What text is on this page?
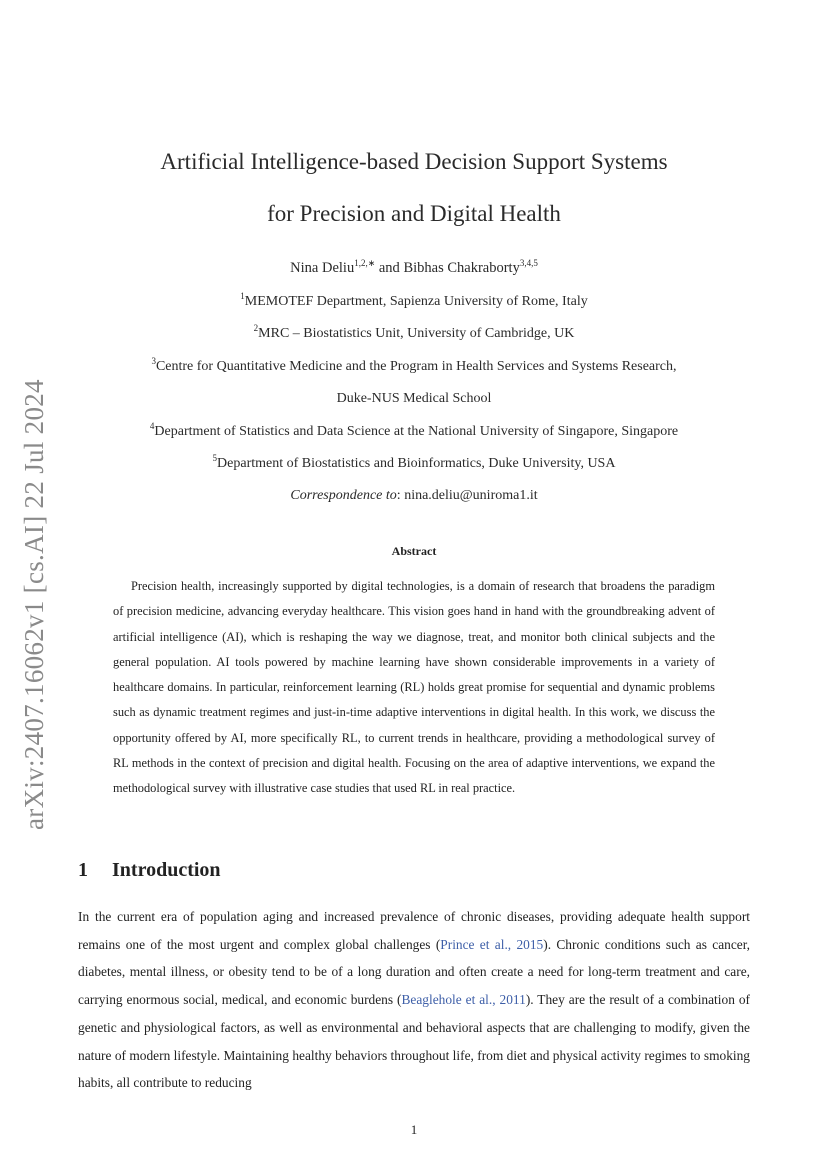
arXiv:2407.16062v1 [cs.AI] 22 Jul 2024
Artificial Intelligence-based Decision Support Systems
for Precision and Digital Health
Nina Deliu$^{1,2,∗}$ and Bibhas Chakraborty$^{3,4,5}$
$^1$MEMOTEF Department, Sapienza University of Rome, Italy
$^2$MRC – Biostatistics Unit, University of Cambridge, UK
$^3$Centre for Quantitative Medicine and the Program in Health Services and Systems Research,
Duke-NUS Medical School
$^4$Department of Statistics and Data Science at the National University of Singapore, Singapore
$^5$Department of Biostatistics and Bioinformatics, Duke University, USA
Correspondence to: nina.deliu@uniroma1.it
Abstract

Precision health, increasingly supported by digital technologies, is a domain of research that broadens the paradigm of precision medicine, advancing everyday healthcare. This vision goes hand in hand with the groundbreaking advent of artificial intelligence (AI), which is reshaping the way we diagnose, treat, and monitor both clinical subjects and the general population. AI tools powered by machine learning have shown considerable improvements in a variety of healthcare domains. In particular, reinforcement learning (RL) holds great promise for sequential and dynamic problems such as dynamic treatment regimes and just-in-time adaptive interventions in digital health. In this work, we discuss the opportunity offered by AI, more specifically RL, to current trends in healthcare, providing a methodological survey of RL methods in the context of precision and digital health. Focusing on the area of adaptive interventions, we expand the methodological survey with illustrative case studies that used RL in real practice.

1 Introduction

In the current era of population aging and increased prevalence of chronic diseases, providing adequate health support remains one of the most urgent and complex global challenges (Prince et al., 2015). Chronic conditions such as cancer, diabetes, mental illness, or obesity tend to be of a long duration and often create a need for long-term treatment and care, carrying enormous social, medical, and economic burdens (Beaglehole et al., 2011). They are the result of a combination of genetic and physiological factors, as well as environmental and behavioral aspects that are challenging to modify, given the nature of modern lifestyle. Maintaining healthy behaviors throughout life, from diet and physical activity regimes to smoking habits, all contribute to reducing

1
